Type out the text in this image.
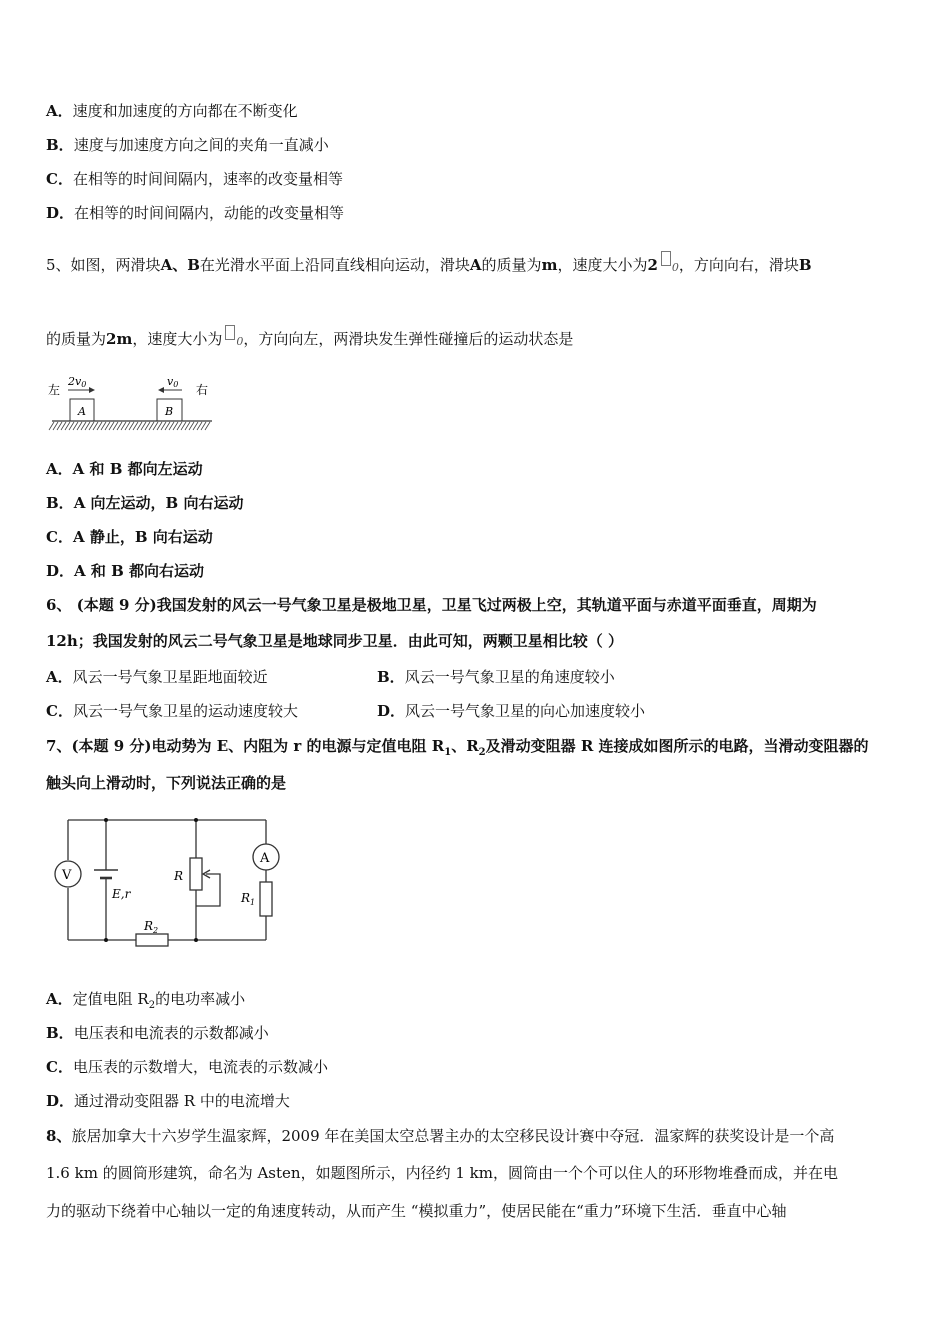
A．速度和加速度的方向都在不断变化
B．速度与加速度方向之间的夹角一直减小
C．在相等的时间间隔内，速率的改变量相等
D．在相等的时间间隔内，动能的改变量相等
5、如图，两滑块A、B在光滑水平面上沿同直线相向运动，滑块A的质量为m，速度大小为2 0，方向向右，滑块B
的质量为2m，速度大小为 0，方向向左，两滑块发生弹性碰撞后的运动状态是
左	右
2v0	v0
A	B
A．A 和 B 都向左运动
B．A 向左运动，B 向右运动
C．A 静止，B 向右运动
D．A 和 B 都向右运动
6、 (本题 9 分)我国发射的风云一号气象卫星是极地卫星，卫星飞过两极上空，其轨道平面与赤道平面垂直，周期为
12h；我国发射的风云二号气象卫星是地球同步卫星．由此可知，两颗卫星相比较（ ）
A．风云一号气象卫星距地面较近	B．风云一号气象卫星的角速度较小
C．风云一号气象卫星的运动速度较大	D．风云一号气象卫星的向心加速度较小
7、(本题 9 分)电动势为 E、内阻为 r 的电源与定值电阻 $R_1$、$R_2$及滑动变阻器 R 连接成如图所示的电路，当滑动变阻器的
触头向上滑动时，下列说法正确的是
V
A
E,r
R
$R_1$
$R_2$
A．定值电阻 $R_2$的电功率减小
B．电压表和电流表的示数都减小
C．电压表的示数增大，电流表的示数减小
D．通过滑动变阻器 R 中的电流增大
8、旅居加拿大十六岁学生温家辉，2009 年在美国太空总署主办的太空移民设计赛中夺冠．温家辉的获奖设计是一个高
1.6 km 的圆筒形建筑，命名为 Asten，如题图所示，内径约 1 km，圆筒由一个个可以住人的环形物堆叠而成，并在电
力的驱动下绕着中心轴以一定的角速度转动，从而产生 “模拟重力”，使居民能在“重力”环境下生活．垂直中心轴
